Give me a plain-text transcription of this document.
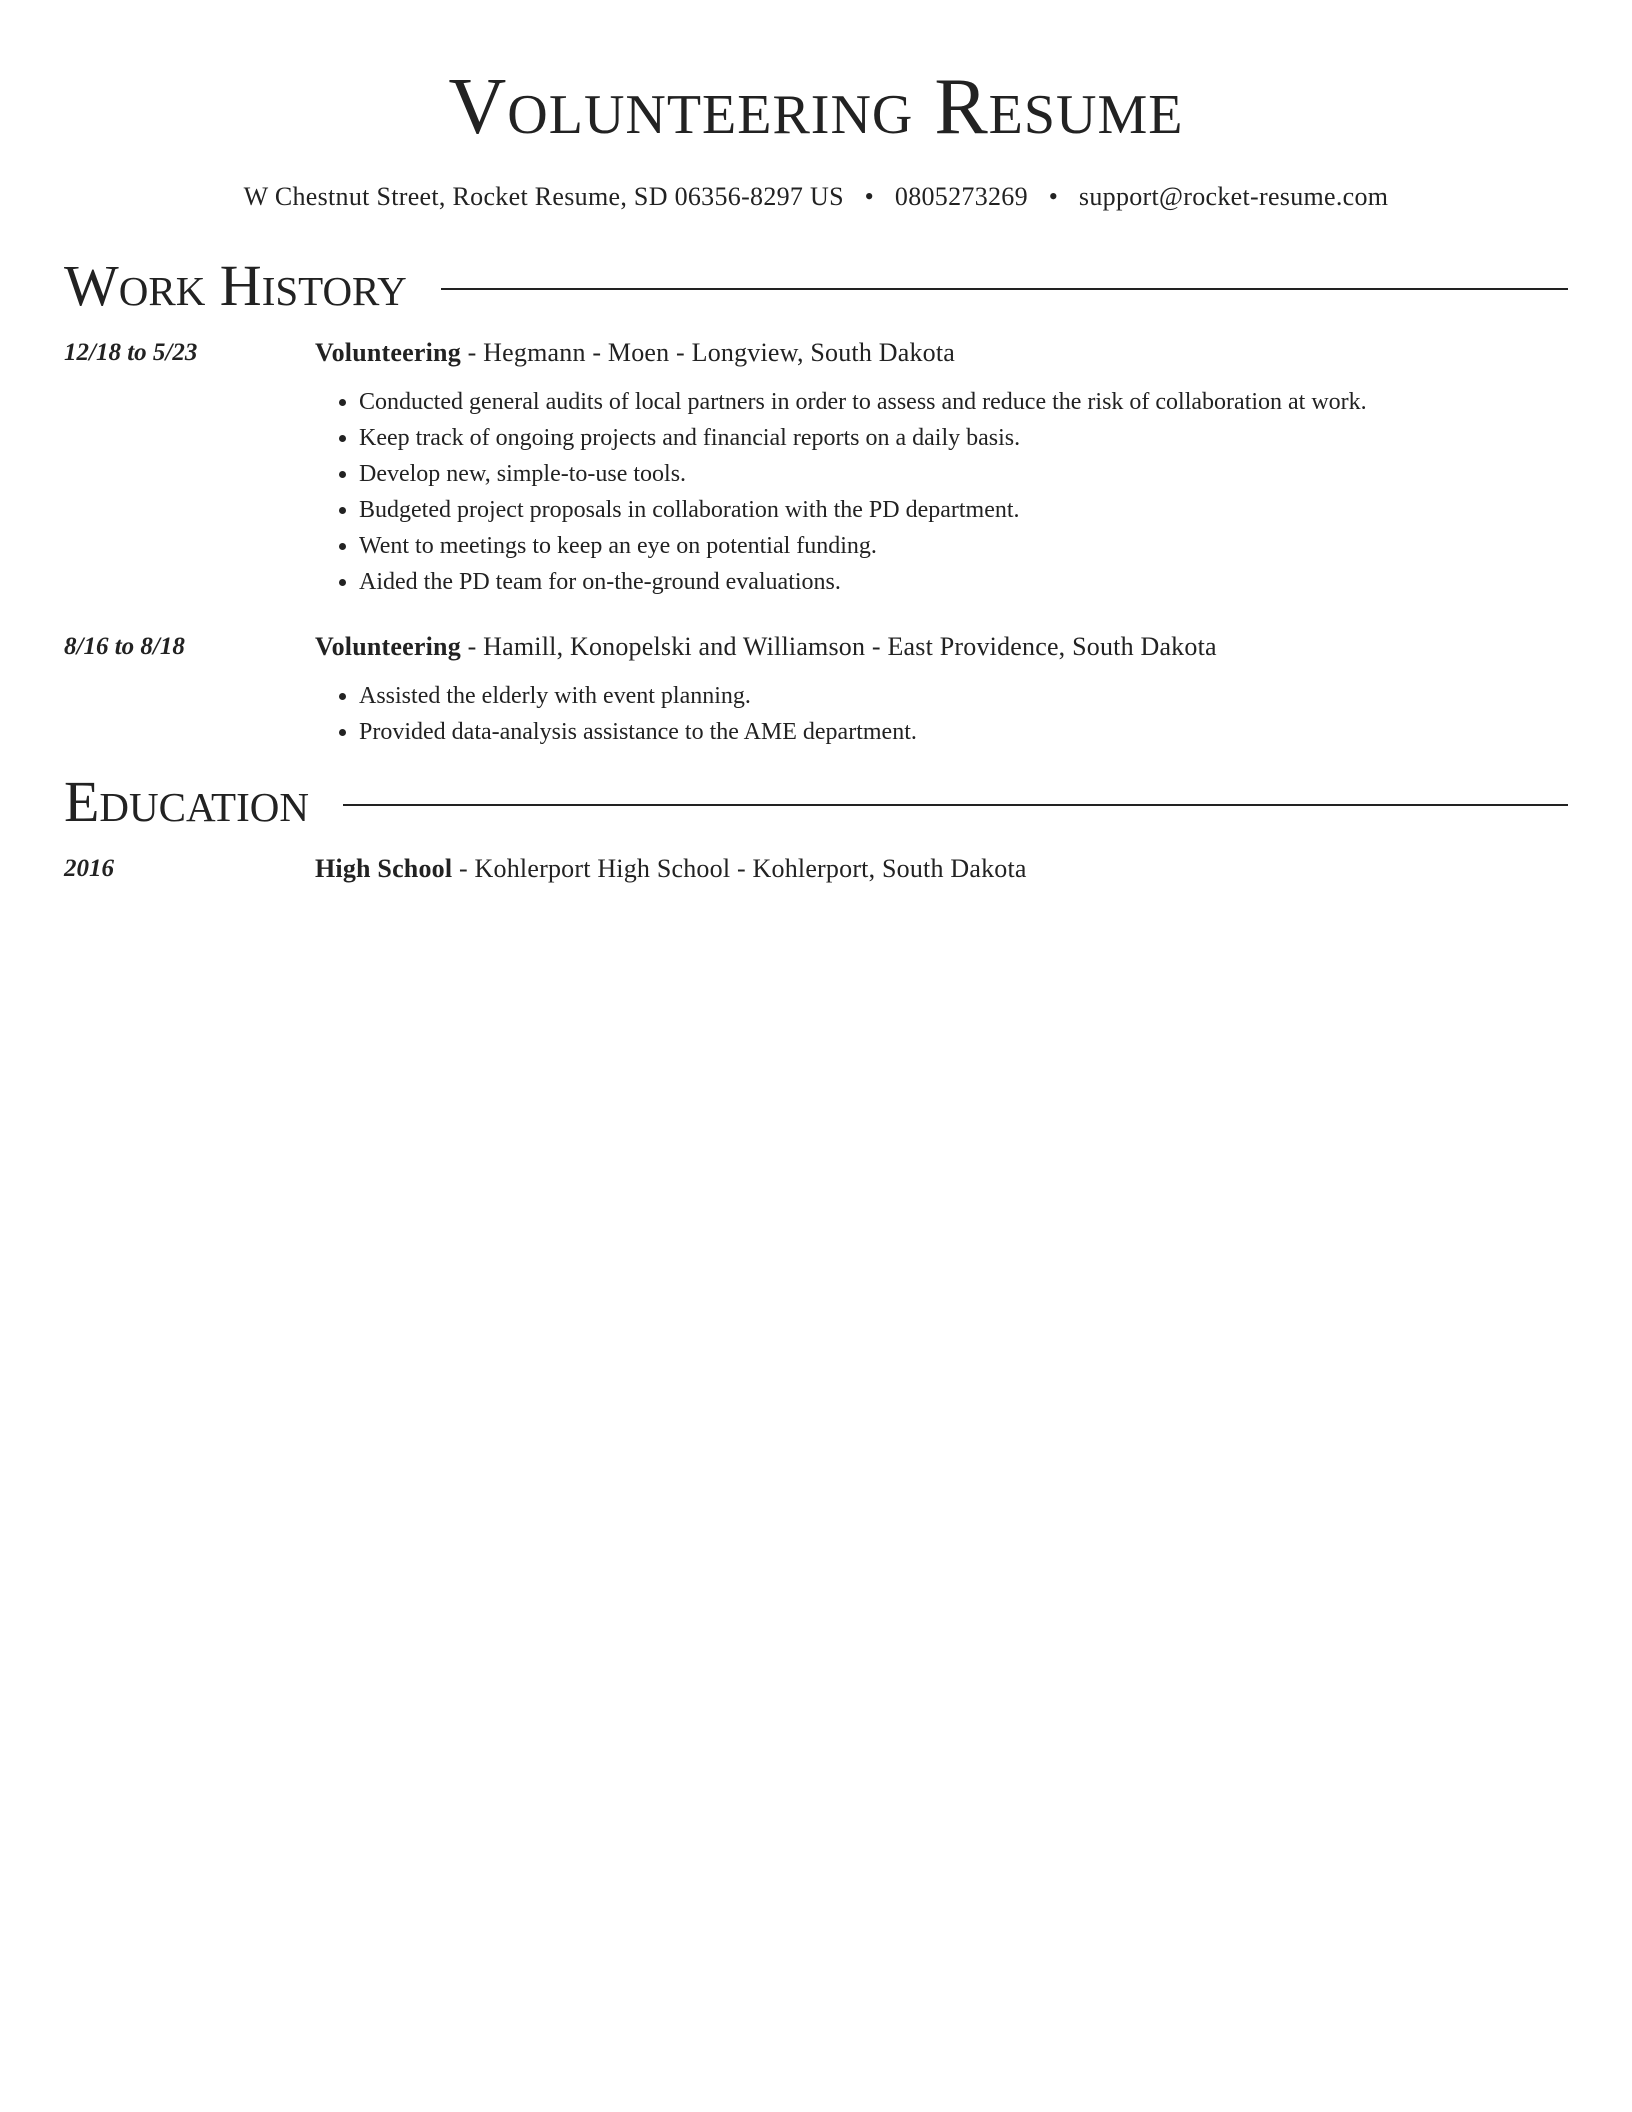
Volunteering Resume
W Chestnut Street, Rocket Resume, SD 06356-8297 US • 0805273269 • support@rocket-resume.com
Work History
12/18 to 5/23	Volunteering - Hegmann - Moen - Longview, South Dakota
• Conducted general audits of local partners in order to assess and reduce the risk of collaboration at work.
• Keep track of ongoing projects and financial reports on a daily basis.
• Develop new, simple-to-use tools.
• Budgeted project proposals in collaboration with the PD department.
• Went to meetings to keep an eye on potential funding.
• Aided the PD team for on-the-ground evaluations.
8/16 to 8/18	Volunteering - Hamill, Konopelski and Williamson - East Providence, South Dakota
• Assisted the elderly with event planning.
• Provided data-analysis assistance to the AME department.
Education
2016	High School - Kohlerport High School - Kohlerport, South Dakota
